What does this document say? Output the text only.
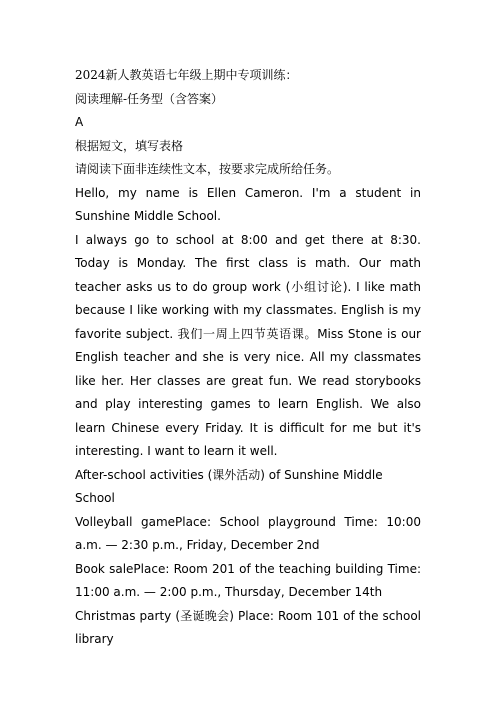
2024新人教英语七年级上期中专项训练：

阅读理解-任务型（含答案）

A

根据短文，填写表格

请阅读下面非连续性文本，按要求完成所给任务。

Hello, my name is Ellen Cameron. I'm a student in Sunshine Middle School.

I always go to school at 8:00 and get there at 8:30. Today is Monday. The first class is math. Our math teacher asks us to do group work (小组讨论). I like math because I like working with my classmates. English is my favorite subject. 我们一周上四节英语课。Miss Stone is our English teacher and she is very nice. All my classmates like her. Her classes are great fun. We read storybooks and play interesting games to learn English. We also learn Chinese every Friday. It is difficult for me but it's interesting. I want to learn it well.

After-school activities (课外活动) of Sunshine Middle School

Volleyball gamePlace: School playground Time: 10:00 a.m. — 2:30 p.m., Friday, December 2nd

Book salePlace: Room 201 of the teaching building Time: 11:00 a.m. — 2:00 p.m., Thursday, December 14th

Christmas party (圣诞晚会) Place: Room 101 of the school library
